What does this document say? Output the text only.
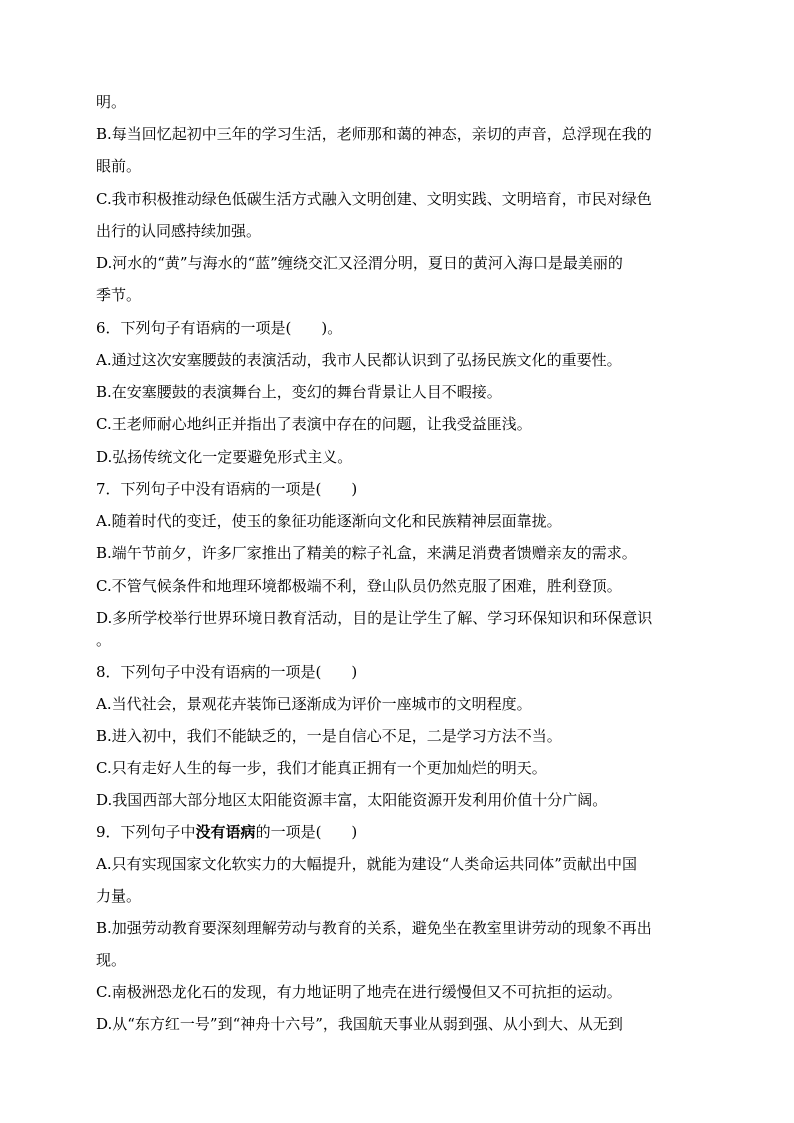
明。
B.每当回忆起初中三年的学习生活，老师那和蔼的神态，亲切的声音，总浮现在我的
眼前。
C.我市积极推动绿色低碳生活方式融入文明创建、文明实践、文明培育，市民对绿色
出行的认同感持续加强。
D.河水的“黄”与海水的“蓝”缠绕交汇又泾渭分明，夏日的黄河入海口是最美丽的
季节。
6．下列句子有语病的一项是(　　)。
A.通过这次安塞腰鼓的表演活动，我市人民都认识到了弘扬民族文化的重要性。
B.在安塞腰鼓的表演舞台上，变幻的舞台背景让人目不暇接。
C.王老师耐心地纠正并指出了表演中存在的问题，让我受益匪浅。
D.弘扬传统文化一定要避免形式主义。
7．下列句子中没有语病的一项是(　　)
A.随着时代的变迁，使玉的象征功能逐渐向文化和民族精神层面靠拢。
B.端午节前夕，许多厂家推出了精美的粽子礼盒，来满足消费者馈赠亲友的需求。
C.不管气候条件和地理环境都极端不利，登山队员仍然克服了困难，胜利登顶。
D.多所学校举行世界环境日教育活动，目的是让学生了解、学习环保知识和环保意识
。
8．下列句子中没有语病的一项是(　　)
A.当代社会，景观花卉装饰已逐渐成为评价一座城市的文明程度。
B.进入初中，我们不能缺乏的，一是自信心不足，二是学习方法不当。
C.只有走好人生的每一步，我们才能真正拥有一个更加灿烂的明天。
D.我国西部大部分地区太阳能资源丰富，太阳能资源开发利用价值十分广阔。
9．下列句子中没有语病的一项是(　　)
A.只有实现国家文化软实力的大幅提升，就能为建设“人类命运共同体”贡献出中国
力量。
B.加强劳动教育要深刻理解劳动与教育的关系，避免坐在教室里讲劳动的现象不再出
现。
C.南极洲恐龙化石的发现，有力地证明了地壳在进行缓慢但又不可抗拒的运动。
D.从“东方红一号”到“神舟十六号”，我国航天事业从弱到强、从小到大、从无到
